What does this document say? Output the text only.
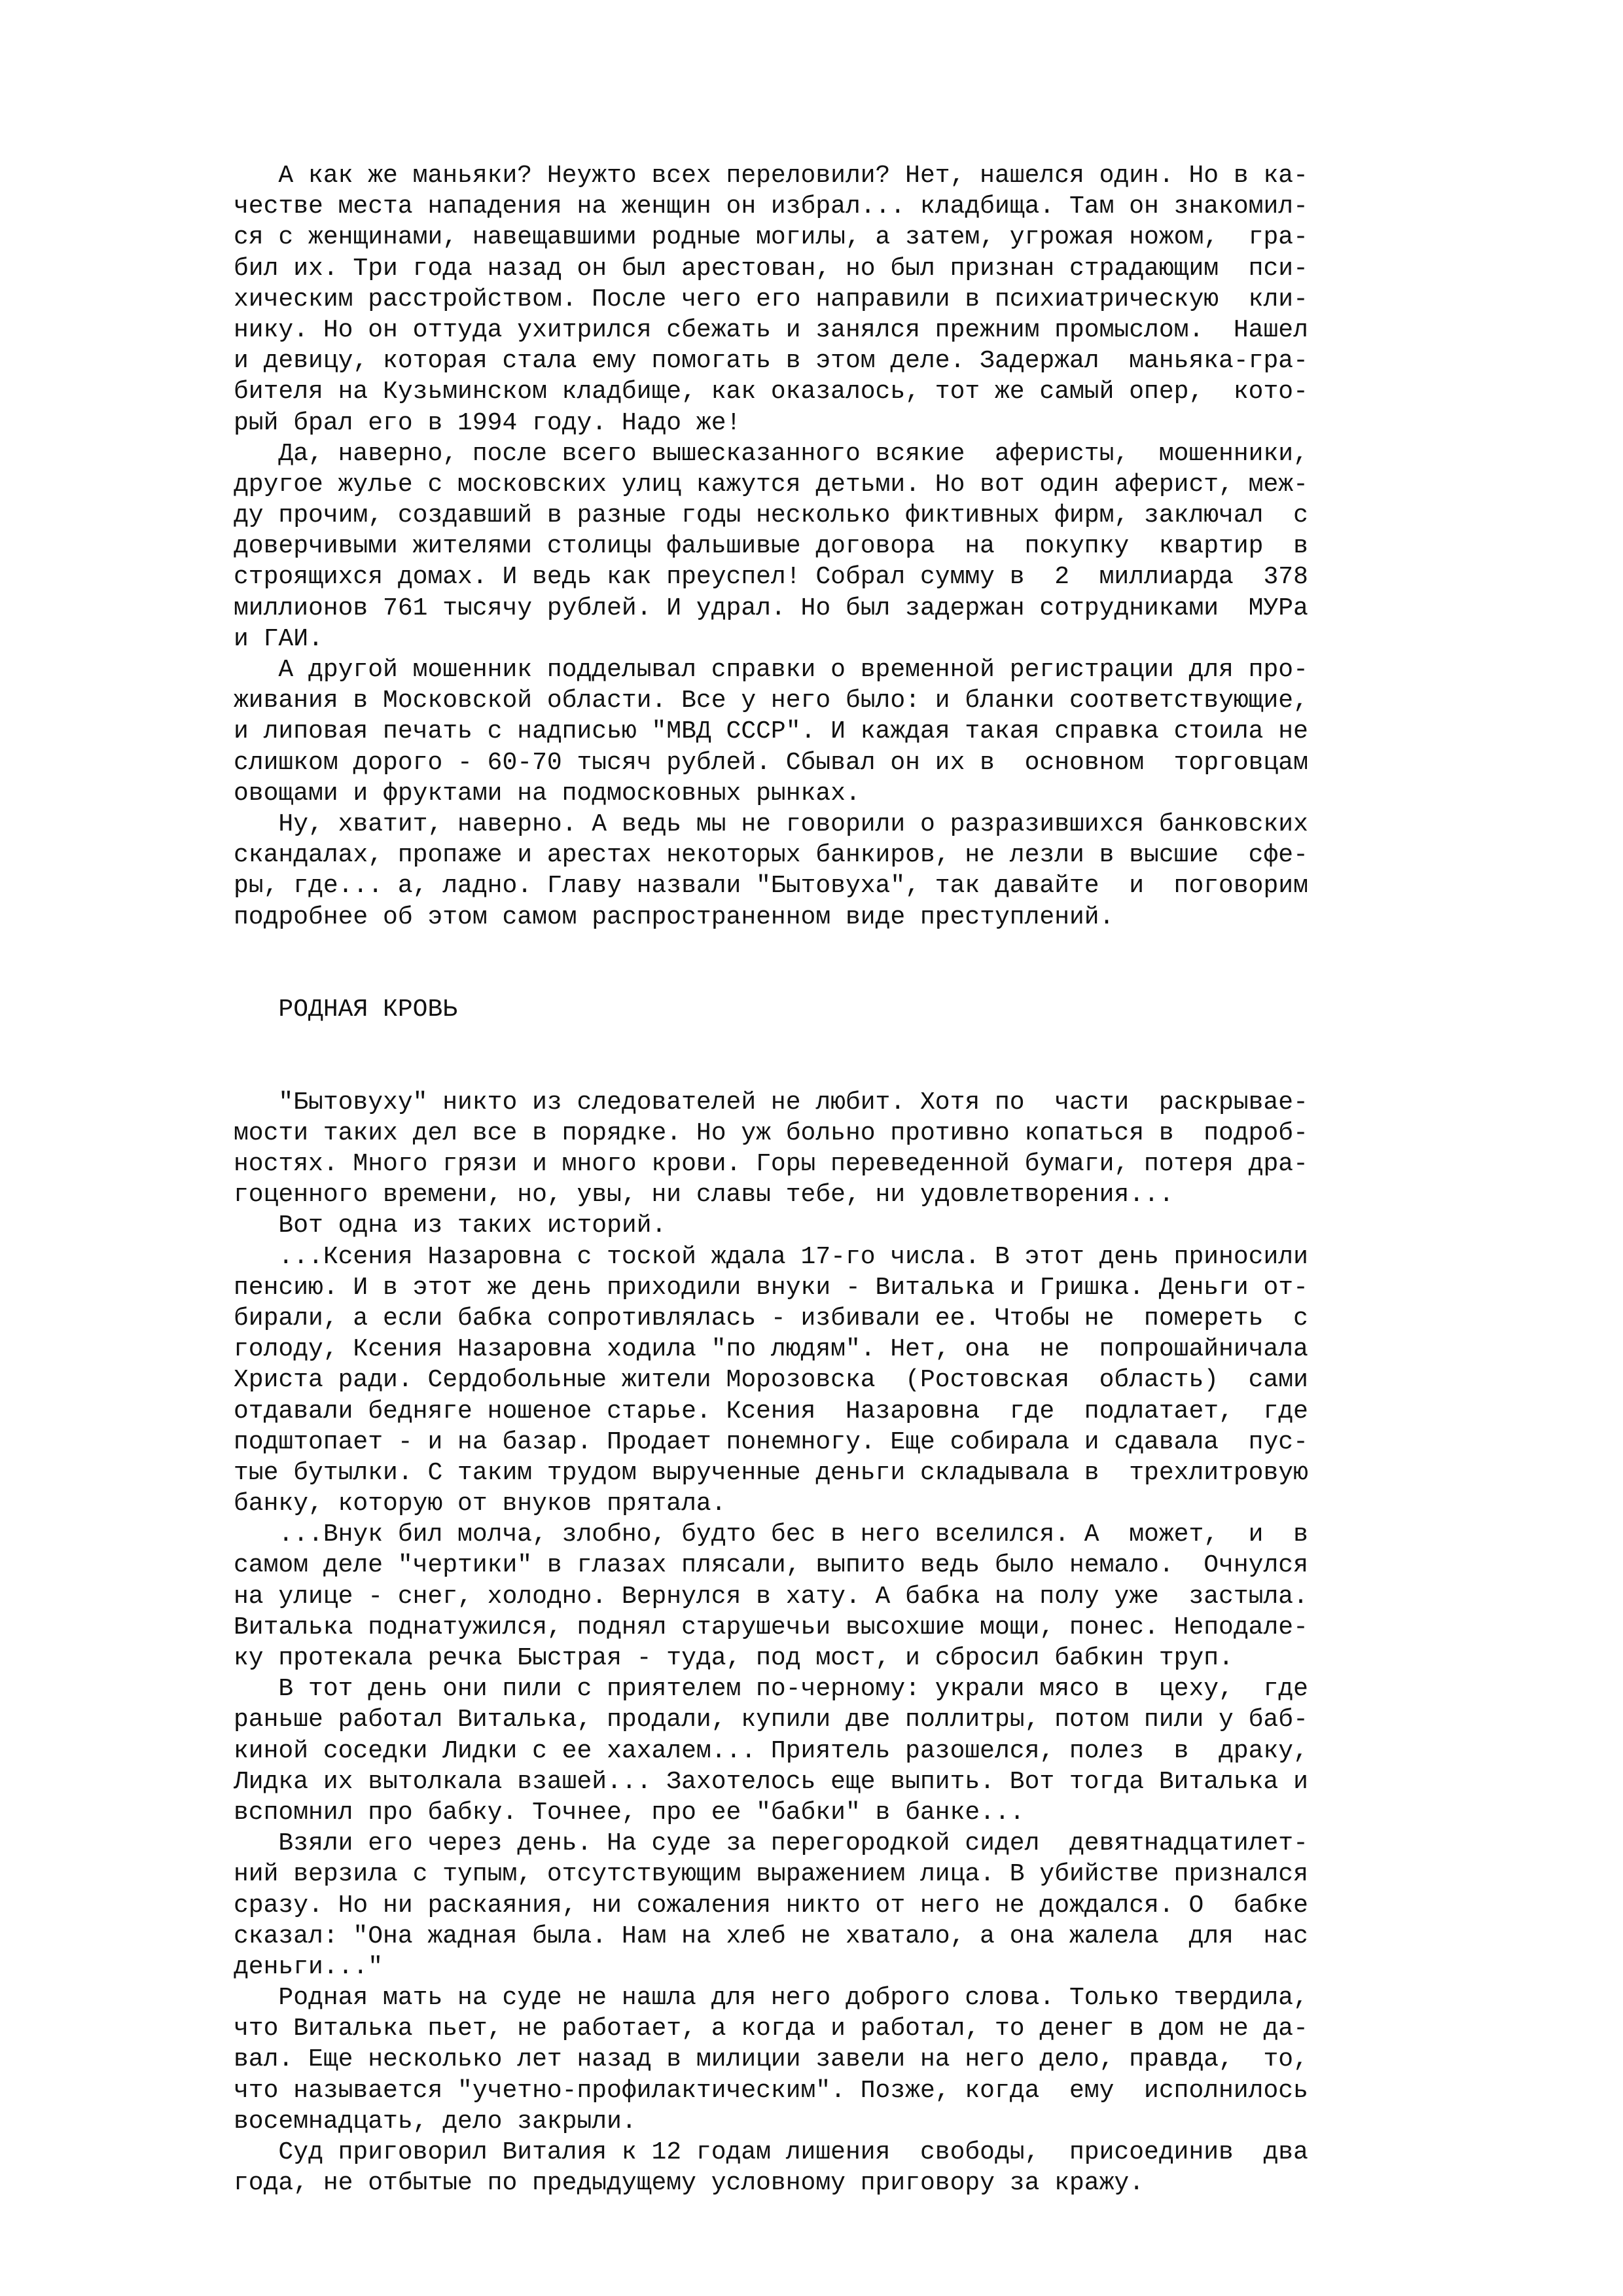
А как же маньяки? Неужто всех переловили? Нет, нашелся один. Но в ка-
честве места нападения на женщин он избрал... кладбища. Там он знакомил-
ся с женщинами, навещавшими родные могилы, а затем, угрожая ножом,  гра-
бил их. Три года назад он был арестован, но был признан страдающим  пси-
хическим расстройством. После чего его направили в психиатрическую  кли-
нику. Но он оттуда ухитрился сбежать и занялся прежним промыслом.  Нашел
и девицу, которая стала ему помогать в этом деле. Задержал  маньяка-гра-
бителя на Кузьминском кладбище, как оказалось, тот же самый опер,  кото-
рый брал его в 1994 году. Надо же!
Да, наверно, после всего вышесказанного всякие  аферисты,  мошенники,
другое жулье с московских улиц кажутся детьми. Но вот один аферист, меж-
ду прочим, создавший в разные годы несколько фиктивных фирм, заключал  с
доверчивыми жителями столицы фальшивые договора  на  покупку  квартир  в
строящихся домах. И ведь как преуспел! Собрал сумму в  2  миллиарда  378
миллионов 761 тысячу рублей. И удрал. Но был задержан сотрудниками  МУРа
и ГАИ.
А другой мошенник подделывал справки о временной регистрации для про-
живания в Московской области. Все у него было: и бланки соответствующие,
и липовая печать с надписью "МВД СССР". И каждая такая справка стоила не
слишком дорого - 60-70 тысяч рублей. Сбывал он их в  основном  торговцам
овощами и фруктами на подмосковных рынках.
Ну, хватит, наверно. А ведь мы не говорили о разразившихся банковских
скандалах, пропаже и арестах некоторых банкиров, не лезли в высшие  сфе-
ры, где... а, ладно. Главу назвали "Бытовуха", так давайте  и  поговорим
подробнее об этом самом распространенном виде преступлений.
РОДНАЯ КРОВЬ
"Бытовуху" никто из следователей не любит. Хотя по  части  раскрывае-
мости таких дел все в порядке. Но уж больно противно копаться в  подроб-
ностях. Много грязи и много крови. Горы переведенной бумаги, потеря дра-
гоценного времени, но, увы, ни славы тебе, ни удовлетворения...
Вот одна из таких историй.
...Ксения Назаровна с тоской ждала 17-го числа. В этот день приносили
пенсию. И в этот же день приходили внуки - Виталька и Гришка. Деньги от-
бирали, а если бабка сопротивлялась - избивали ее. Чтобы не  помереть  с
голоду, Ксения Назаровна ходила "по людям". Нет, она  не  попрошайничала
Христа ради. Сердобольные жители Морозовска  (Ростовская  область)  сами
отдавали бедняге ношеное старье. Ксения  Назаровна  где  подлатает,  где
подштопает - и на базар. Продает понемногу. Еще собирала и сдавала  пус-
тые бутылки. С таким трудом вырученные деньги складывала в  трехлитровую
банку, которую от внуков прятала.
...Внук бил молча, злобно, будто бес в него вселился. А  может,  и  в
самом деле "чертики" в глазах плясали, выпито ведь было немало.  Очнулся
на улице - снег, холодно. Вернулся в хату. А бабка на полу уже  застыла.
Виталька поднатужился, поднял старушечьи высохшие мощи, понес. Неподале-
ку протекала речка Быстрая - туда, под мост, и сбросил бабкин труп.
В тот день они пили с приятелем по-черному: украли мясо в  цеху,  где
раньше работал Виталька, продали, купили две поллитры, потом пили у баб-
киной соседки Лидки с ее хахалем... Приятель разошелся, полез  в  драку,
Лидка их вытолкала взашей... Захотелось еще выпить. Вот тогда Виталька и
вспомнил про бабку. Точнее, про ее "бабки" в банке...
Взяли его через день. На суде за перегородкой сидел  девятнадцатилет-
ний верзила с тупым, отсутствующим выражением лица. В убийстве признался
сразу. Но ни раскаяния, ни сожаления никто от него не дождался. О  бабке
сказал: "Она жадная была. Нам на хлеб не хватало, а она жалела  для  нас
деньги..."
Родная мать на суде не нашла для него доброго слова. Только твердила,
что Виталька пьет, не работает, а когда и работал, то денег в дом не да-
вал. Еще несколько лет назад в милиции завели на него дело, правда,  то,
что называется "учетно-профилактическим". Позже, когда  ему  исполнилось
восемнадцать, дело закрыли.
Суд приговорил Виталия к 12 годам лишения  свободы,  присоединив  два
года, не отбытые по предыдущему условному приговору за кражу.
